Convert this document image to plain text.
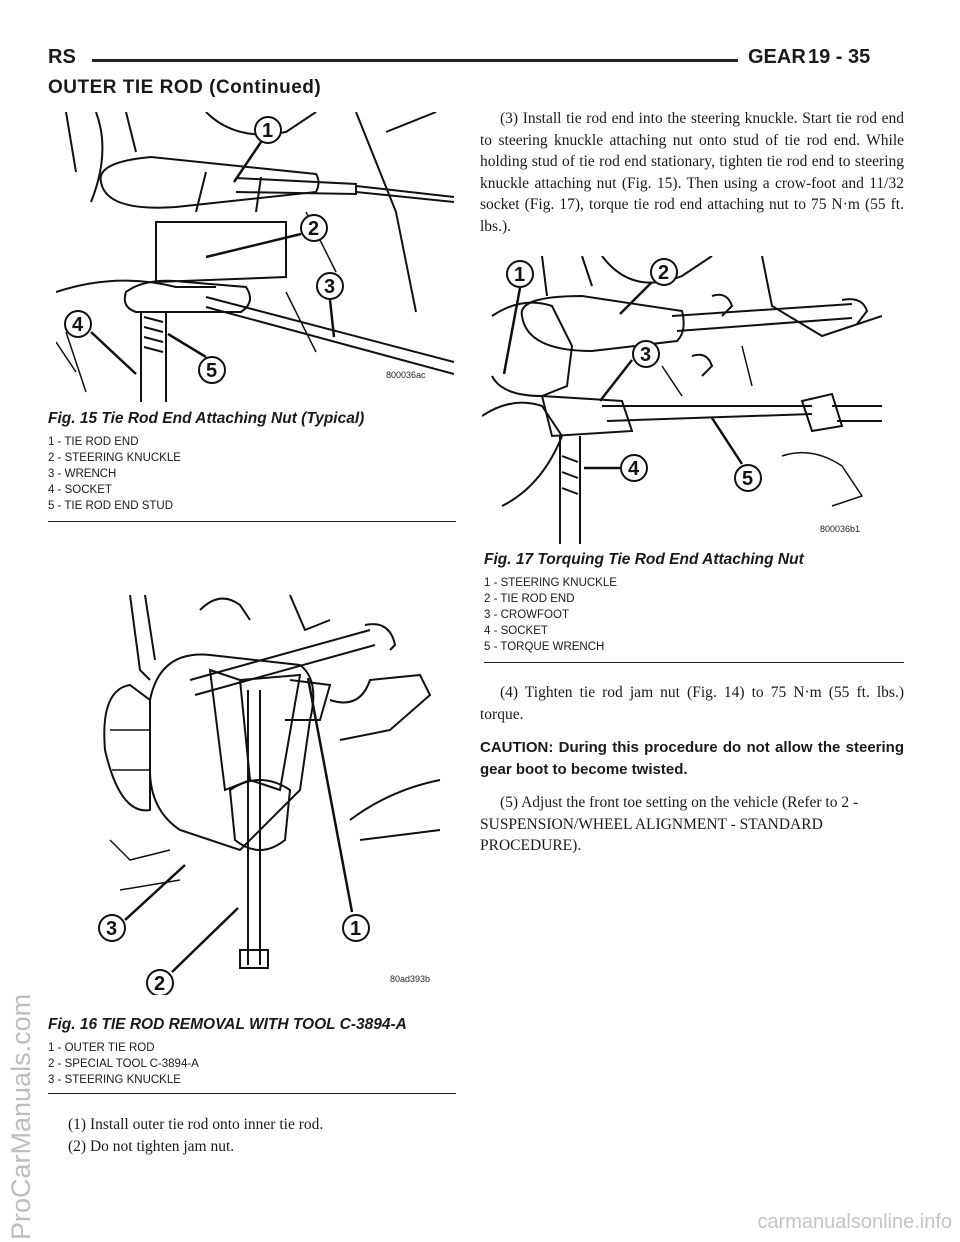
RS	GEAR 19 - 35
OUTER TIE ROD (Continued)
1
2
3
4
5	800036ac
Fig. 15 Tie Rod End Attaching Nut (Typical)
1 - TIE ROD END
2 - STEERING KNUCKLE
3 - WRENCH
4 - SOCKET
5 - TIE ROD END STUD
3
2
1
80ad393b
Fig. 16 TIE ROD REMOVAL WITH TOOL C-3894-A
1 - OUTER TIE ROD
2 - SPECIAL TOOL C-3894-A
3 - STEERING KNUCKLE
(1) Install outer tie rod onto inner tie rod.
(2) Do not tighten jam nut.

(3) Install tie rod end into the steering knuckle. Start tie rod end to steering knuckle attaching nut onto stud of tie rod end. While holding stud of tie rod end stationary, tighten tie rod end to steering knuckle attaching nut (Fig. 15). Then using a crow-foot and 11/32 socket (Fig. 17), torque tie rod end attaching nut to 75 N·m (55 ft. lbs.).

1	2
3
4	5
800036b1
Fig. 17 Torquing Tie Rod End Attaching Nut
1 - STEERING KNUCKLE
2 - TIE ROD END
3 - CROWFOOT
4 - SOCKET
5 - TORQUE WRENCH

(4) Tighten tie rod jam nut (Fig. 14) to 75 N·m (55 ft. lbs.) torque.

CAUTION: During this procedure do not allow the steering gear boot to become twisted.

(5) Adjust the front toe setting on the vehicle (Refer to 2 - SUSPENSION/WHEEL ALIGNMENT - STANDARD PROCEDURE).

ProCarManuals.com	carmanualsonline.info
